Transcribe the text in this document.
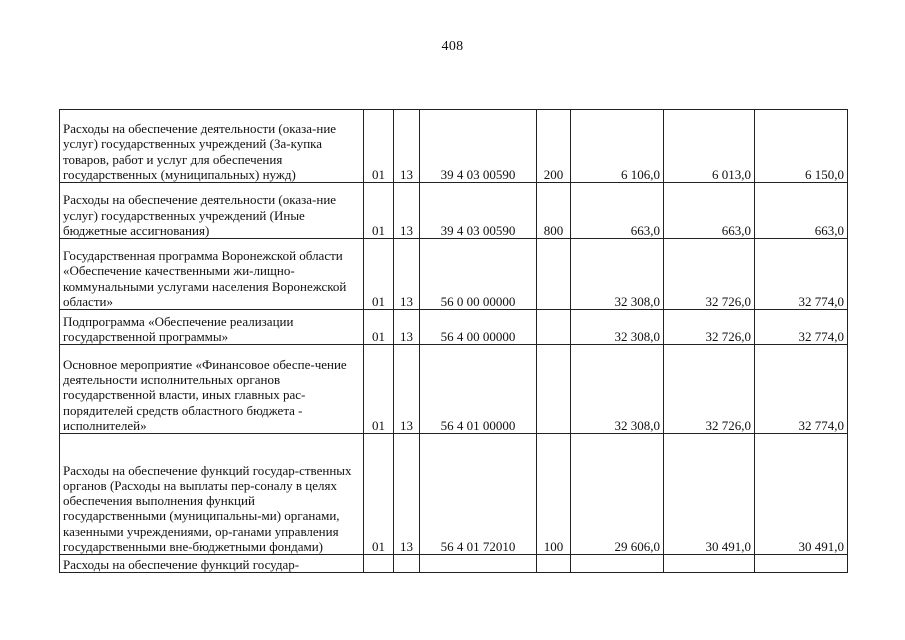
408
Расходы на обеспечение деятельности (оказа-ние услуг) государственных учреждений (За-купка товаров, работ и услуг для обеспечения государственных (муниципальных) нужд)	01	13	39 4 03 00590	200	6 106,0	6 013,0	6 150,0
Расходы на обеспечение деятельности (оказа-ние услуг) государственных учреждений (Иные бюджетные ассигнования)	01	13	39 4 03 00590	800	663,0	663,0	663,0
Государственная программа Воронежской области «Обеспечение качественными жи-лищно-коммунальными услугами населения Воронежской области»	01	13	56 0 00 00000		32 308,0	32 726,0	32 774,0
Подпрограмма «Обеспечение реализации государственной программы»	01	13	56 4 00 00000		32 308,0	32 726,0	32 774,0
Основное мероприятие «Финансовое обеспе-чение деятельности исполнительных органов государственной власти, иных главных рас-порядителей средств областного бюджета - исполнителей»	01	13	56 4 01 00000		32 308,0	32 726,0	32 774,0
Расходы на обеспечение функций государ-ственных органов (Расходы на выплаты пер-соналу в целях обеспечения выполнения функций государственными (муниципальны-ми) органами, казенными учреждениями, ор-ганами управления государственными вне-бюджетными фондами)	01	13	56 4 01 72010	100	29 606,0	30 491,0	30 491,0
Расходы на обеспечение функций государ-							
